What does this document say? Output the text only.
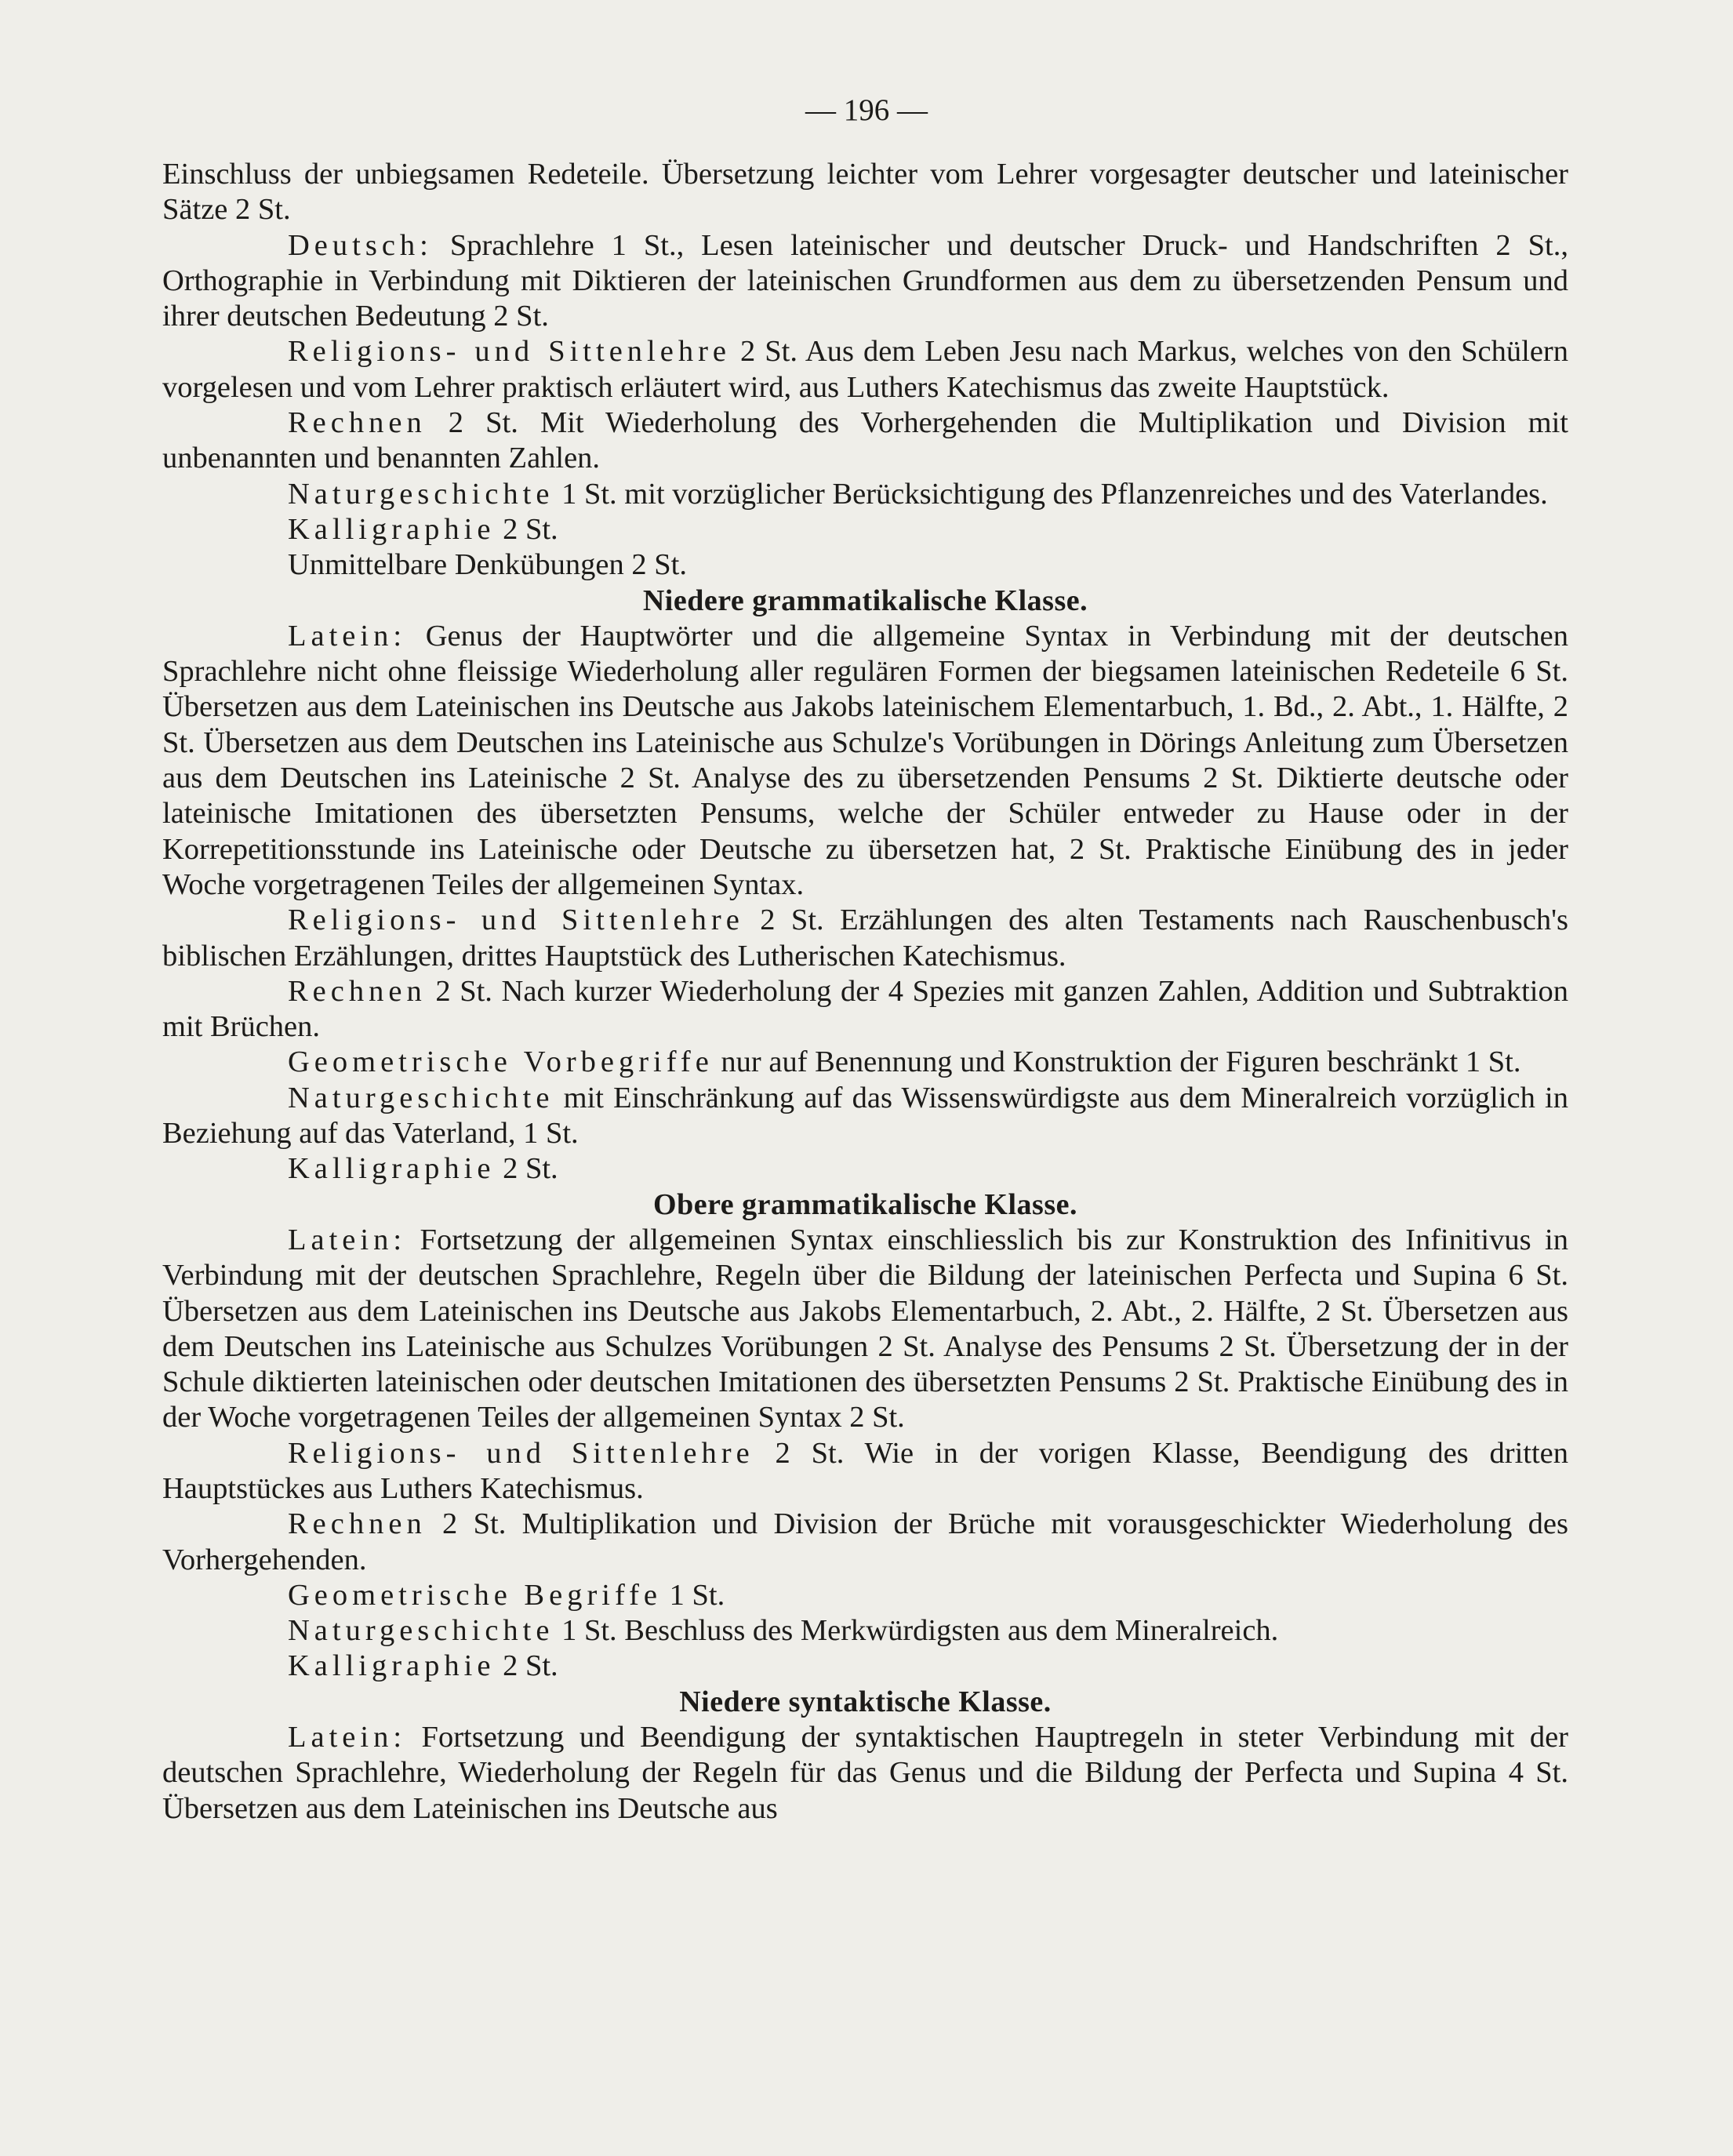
— 196 —

Einschluss der unbiegsamen Redeteile. Übersetzung leichter vom Lehrer vorgesagter deutscher und lateinischer Sätze 2 St.

Deutsch: Sprachlehre 1 St., Lesen lateinischer und deutscher Druck- und Handschriften 2 St., Orthographie in Verbindung mit Diktieren der lateinischen Grundformen aus dem zu übersetzenden Pensum und ihrer deutschen Bedeutung 2 St.

Religions- und Sittenlehre 2 St. Aus dem Leben Jesu nach Markus, welches von den Schülern vorgelesen und vom Lehrer praktisch erläutert wird, aus Luthers Katechismus das zweite Hauptstück.

Rechnen 2 St. Mit Wiederholung des Vorhergehenden die Multiplikation und Division mit unbenannten und benannten Zahlen.

Naturgeschichte 1 St. mit vorzüglicher Berücksichtigung des Pflanzenreiches und des Vaterlandes.

Kalligraphie 2 St.

Unmittelbare Denkübungen 2 St.

Niedere grammatikalische Klasse.

Latein: Genus der Hauptwörter und die allgemeine Syntax in Verbindung mit der deutschen Sprachlehre nicht ohne fleissige Wiederholung aller regulären Formen der biegsamen lateinischen Redeteile 6 St. Übersetzen aus dem Lateinischen ins Deutsche aus Jakobs lateinischem Elementarbuch, 1. Bd., 2. Abt., 1. Hälfte, 2 St. Übersetzen aus dem Deutschen ins Lateinische aus Schulze's Vorübungen in Dörings Anleitung zum Übersetzen aus dem Deutschen ins Lateinische 2 St. Analyse des zu übersetzenden Pensums 2 St. Diktierte deutsche oder lateinische Imitationen des übersetzten Pensums, welche der Schüler entweder zu Hause oder in der Korrepetitionsstunde ins Lateinische oder Deutsche zu übersetzen hat, 2 St. Praktische Einübung des in jeder Woche vorgetragenen Teiles der allgemeinen Syntax.

Religions- und Sittenlehre 2 St. Erzählungen des alten Testaments nach Rauschenbusch's biblischen Erzählungen, drittes Hauptstück des Lutherischen Katechismus.

Rechnen 2 St. Nach kurzer Wiederholung der 4 Spezies mit ganzen Zahlen, Addition und Subtraktion mit Brüchen.

Geometrische Vorbegriffe nur auf Benennung und Konstruktion der Figuren beschränkt 1 St.

Naturgeschichte mit Einschränkung auf das Wissenswürdigste aus dem Mineralreich vorzüglich in Beziehung auf das Vaterland, 1 St.

Kalligraphie 2 St.

Obere grammatikalische Klasse.

Latein: Fortsetzung der allgemeinen Syntax einschliesslich bis zur Konstruktion des Infinitivus in Verbindung mit der deutschen Sprachlehre, Regeln über die Bildung der lateinischen Perfecta und Supina 6 St. Übersetzen aus dem Lateinischen ins Deutsche aus Jakobs Elementarbuch, 2. Abt., 2. Hälfte, 2 St. Übersetzen aus dem Deutschen ins Lateinische aus Schulzes Vorübungen 2 St. Analyse des Pensums 2 St. Übersetzung der in der Schule diktierten lateinischen oder deutschen Imitationen des übersetzten Pensums 2 St. Praktische Einübung des in der Woche vorgetragenen Teiles der allgemeinen Syntax 2 St.

Religions- und Sittenlehre 2 St. Wie in der vorigen Klasse, Beendigung des dritten Hauptstückes aus Luthers Katechismus.

Rechnen 2 St. Multiplikation und Division der Brüche mit vorausgeschickter Wiederholung des Vorhergehenden.

Geometrische Begriffe 1 St.

Naturgeschichte 1 St. Beschluss des Merkwürdigsten aus dem Mineralreich.

Kalligraphie 2 St.

Niedere syntaktische Klasse.

Latein: Fortsetzung und Beendigung der syntaktischen Hauptregeln in steter Verbindung mit der deutschen Sprachlehre, Wiederholung der Regeln für das Genus und die Bildung der Perfecta und Supina 4 St. Übersetzen aus dem Lateinischen ins Deutsche aus
